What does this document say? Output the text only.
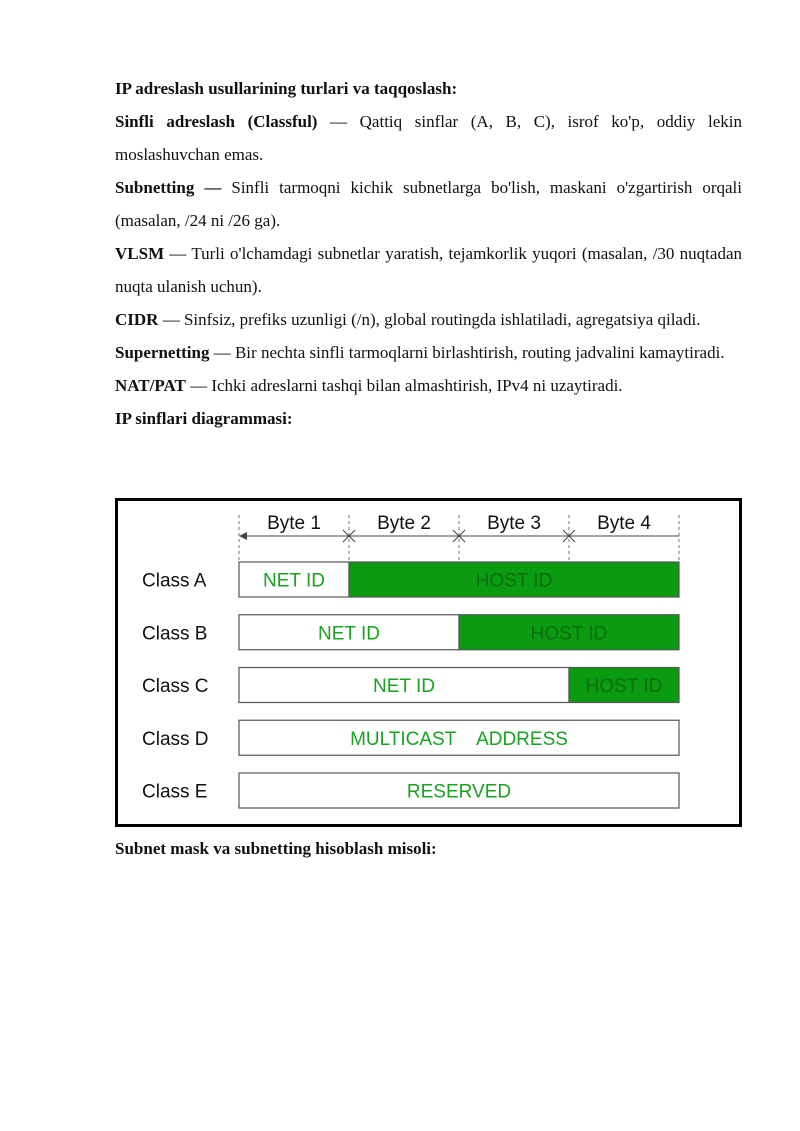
IP adreslash usullarining turlari va taqqoslash:

Sinfli adreslash (Classful) — Qattiq sinflar (A, B, C), isrof ko'p, oddiy lekin moslashuvchan emas.

Subnetting — Sinfli tarmoqni kichik subnetlarga bo'lish, maskani o'zgartirish orqali (masalan, /24 ni /26 ga).

VLSM — Turli o'lchamdagi subnetlar yaratish, tejamkorlik yuqori (masalan, /30 nuqtadan nuqta ulanish uchun).

CIDR — Sinfsiz, prefiks uzunligi (/n), global routingda ishlatiladi, agregatsiya qiladi.

Supernetting — Bir nechta sinfli tarmoqlarni birlashtirish, routing jadvalini kamaytiradi.

NAT/PAT — Ichki adreslarni tashqi bilan almashtirish, IPv4 ni uzaytiradi.

IP sinflari diagrammasi:

Byte 1	Byte 2	Byte 3	Byte 4
Class A	NET ID	HOST ID
Class B	NET ID	HOST ID
Class C	NET ID	HOST ID
Class D	MULTICAST    ADDRESS
Class E	RESERVED

Subnet mask va subnetting hisoblash misoli:
